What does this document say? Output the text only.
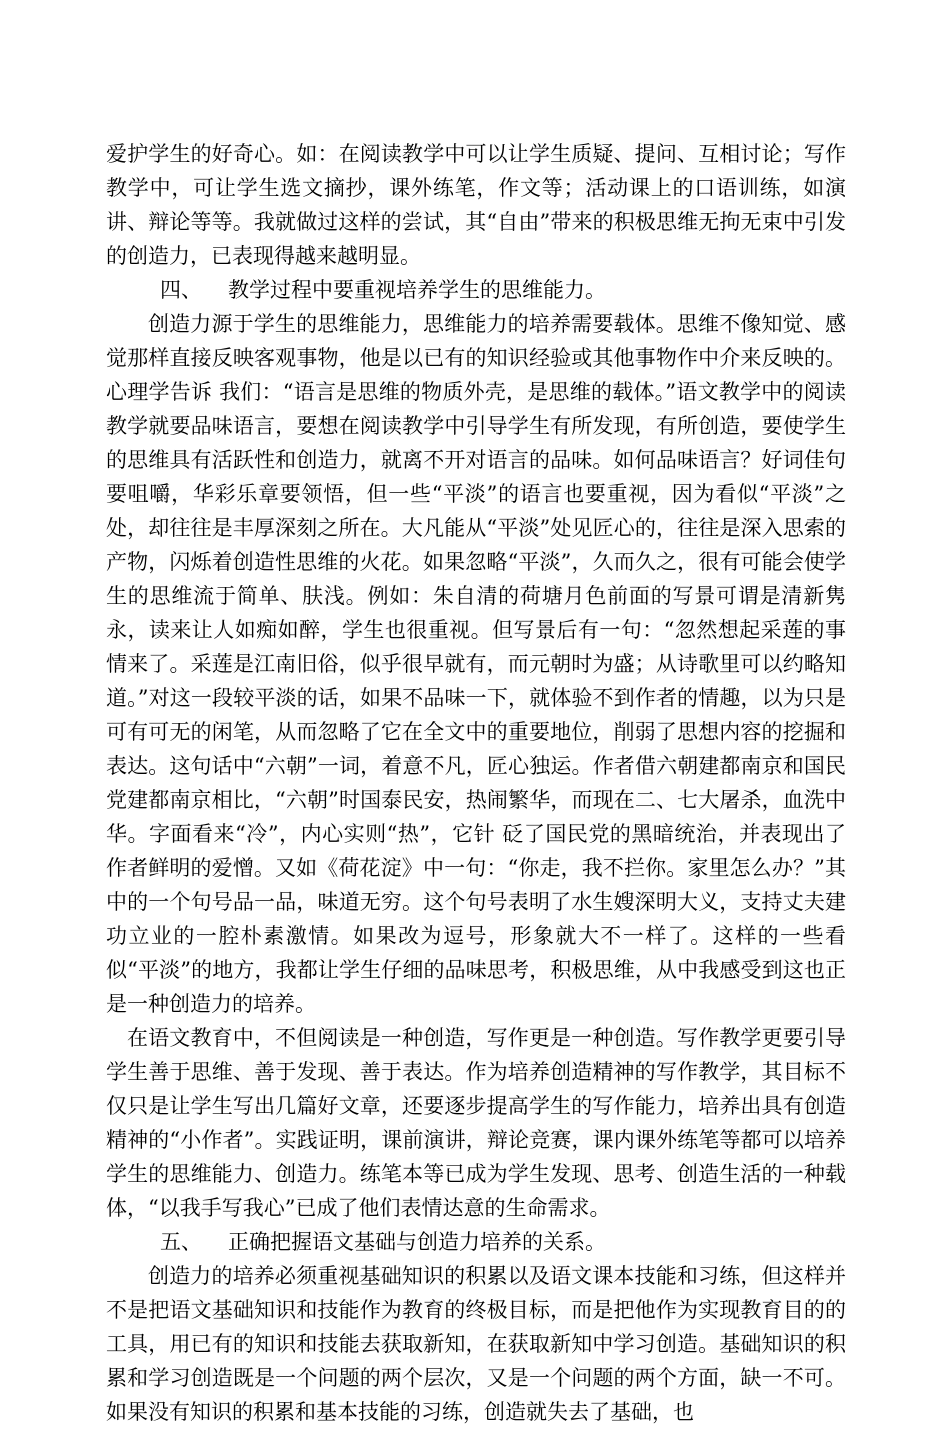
爱护学生的好奇心。如：在阅读教学中可以让学生质疑、提问、互相讨论；写作教学中，可让学生选文摘抄，课外练笔，作文等；活动课上的口语训练，如演讲、辩论等等。我就做过这样的尝试，其“自由”带来的积极思维无拘无束中引发的创造力，已表现得越来越明显。

四、 教学过程中要重视培养学生的思维能力。

创造力源于学生的思维能力，思维能力的培养需要载体。思维不像知觉、感觉那样直接反映客观事物，他是以已有的知识经验或其他事物作中介来反映的。心理学告诉 我们：“语言是思维的物质外壳，是思维的载体。”语文教学中的阅读教学就要品味语言，要想在阅读教学中引导学生有所发现，有所创造，要使学生的思维具有活跃性和创造力，就离不开对语言的品味。如何品味语言？好词佳句要咀嚼，华彩乐章要领悟，但一些“平淡”的语言也要重视，因为看似“平淡”之处，却往往是丰厚深刻之所在。大凡能从“平淡”处见匠心的，往往是深入思索的产物，闪烁着创造性思维的火花。如果忽略“平淡”，久而久之，很有可能会使学生的思维流于简单、肤浅。例如：朱自清的荷塘月色前面的写景可谓是清新隽永，读来让人如痴如醉，学生也很重视。但写景后有一句：“忽然想起采莲的事情来了。采莲是江南旧俗，似乎很早就有，而元朝时为盛；从诗歌里可以约略知道。”对这一段较平淡的话，如果不品味一下，就体验不到作者的情趣，以为只是可有可无的闲笔，从而忽略了它在全文中的重要地位，削弱了思想内容的挖掘和表达。这句话中“六朝”一词，着意不凡，匠心独运。作者借六朝建都南京和国民党建都南京相比，“六朝”时国泰民安，热闹繁华，而现在二、七大屠杀，血洗中华。字面看来“冷”，内心实则“热”，它针 砭了国民党的黑暗统治，并表现出了作者鲜明的爱憎。又如《荷花淀》中一句：“你走，我不拦你。家里怎么办？”其中的一个句号品一品，味道无穷。这个句号表明了水生嫂深明大义，支持丈夫建功立业的一腔朴素激情。如果改为逗号，形象就大不一样了。这样的一些看似“平淡”的地方，我都让学生仔细的品味思考，积极思维，从中我感受到这也正是一种创造力的培养。

在语文教育中，不但阅读是一种创造，写作更是一种创造。写作教学更要引导学生善于思维、善于发现、善于表达。作为培养创造精神的写作教学，其目标不仅只是让学生写出几篇好文章，还要逐步提高学生的写作能力，培养出具有创造精神的“小作者”。实践证明，课前演讲，辩论竞赛，课内课外练笔等都可以培养学生的思维能力、创造力。练笔本等已成为学生发现、思考、创造生活的一种载体，“以我手写我心”已成了他们表情达意的生命需求。

五、 正确把握语文基础与创造力培养的关系。

创造力的培养必须重视基础知识的积累以及语文课本技能和习练，但这样并不是把语文基础知识和技能作为教育的终极目标，而是把他作为实现教育目的的工具，用已有的知识和技能去获取新知，在获取新知中学习创造。基础知识的积累和学习创造既是一个问题的两个层次，又是一个问题的两个方面，缺一不可。如果没有知识的积累和基本技能的习练，创造就失去了基础，也
